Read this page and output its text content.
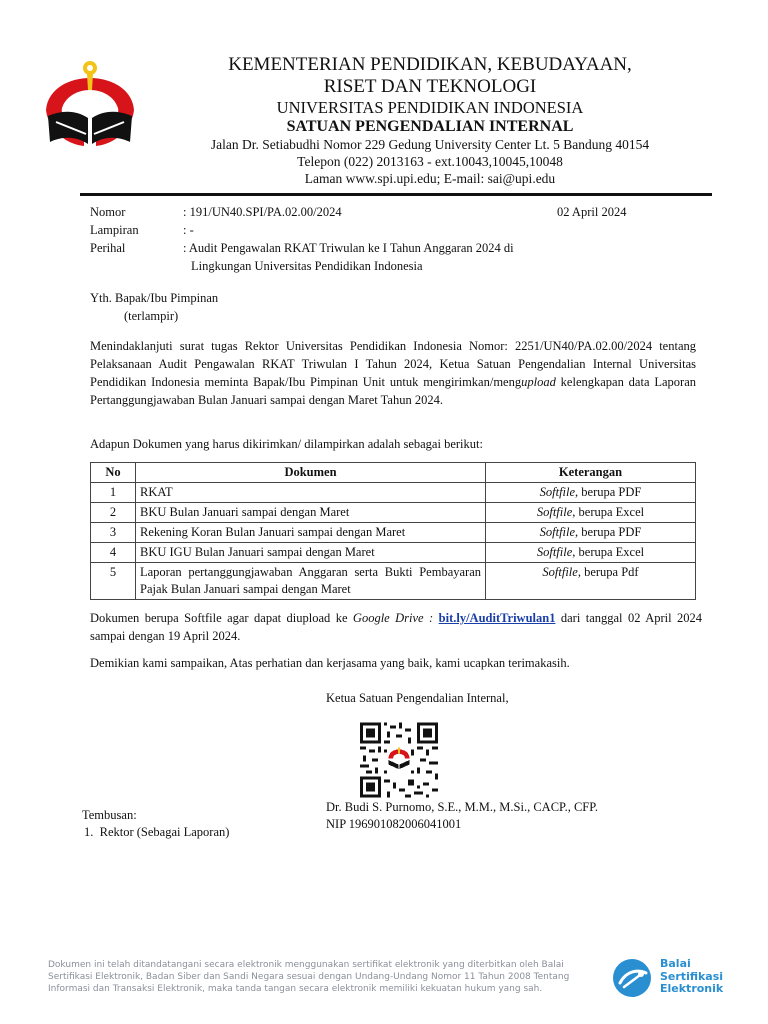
KEMENTERIAN PENDIDIKAN, KEBUDAYAAN,
RISET DAN TEKNOLOGI
UNIVERSITAS PENDIDIKAN INDONESIA
SATUAN PENGENDALIAN INTERNAL
Jalan Dr. Setiabudhi Nomor 229 Gedung University Center Lt. 5 Bandung 40154
Telepon (022) 2013163 - ext.10043,10045,10048
Laman www.spi.upi.edu; E-mail: sai@upi.edu
Nomor	: 191/UN40.SPI/PA.02.00/2024	02 April 2024
Lampiran	: -
Perihal	: Audit Pengawalan RKAT Triwulan ke I Tahun Anggaran 2024 di
Lingkungan Universitas Pendidikan Indonesia
Yth. Bapak/Ibu Pimpinan
(terlampir)
Menindaklanjuti surat tugas Rektor Universitas Pendidikan Indonesia Nomor: 2251/UN40/PA.02.00/2024 tentang Pelaksanaan Audit Pengawalan RKAT Triwulan I Tahun 2024, Ketua Satuan Pengendalian Internal Universitas Pendidikan Indonesia meminta Bapak/Ibu Pimpinan Unit untuk mengirimkan/mengupload kelengkapan data Laporan Pertanggungjawaban Bulan Januari sampai dengan Maret Tahun 2024.
Adapun Dokumen yang harus dikirimkan/ dilampirkan adalah sebagai berikut:
No	Dokumen	Keterangan
1	RKAT	Softfile, berupa PDF
2	BKU Bulan Januari sampai dengan Maret	Softfile, berupa Excel
3	Rekening Koran Bulan Januari sampai dengan Maret	Softfile, berupa PDF
4	BKU IGU Bulan Januari sampai dengan Maret	Softfile, berupa Excel
5	Laporan pertanggungjawaban Anggaran serta Bukti Pembayaran Pajak Bulan Januari sampai dengan Maret	Softfile, berupa Pdf
Dokumen berupa Softfile agar dapat diupload ke Google Drive : bit.ly/AuditTriwulan1 dari tanggal 02 April 2024 sampai dengan 19 April 2024.
Demikian kami sampaikan, Atas perhatian dan kerjasama yang baik, kami ucapkan terimakasih.
Ketua Satuan Pengendalian Internal,
Dr. Budi S. Purnomo, S.E., M.M., M.Si., CACP., CFP.
NIP 196901082006041001
Tembusan:
1.  Rektor (Sebagai Laporan)
Dokumen ini telah ditandatangani secara elektronik menggunakan sertifikat elektronik yang diterbitkan oleh Balai Sertifikasi Elektronik, Badan Siber dan Sandi Negara sesuai dengan Undang-Undang Nomor 11 Tahun 2008 Tentang Informasi dan Transaksi Elektronik, maka tanda tangan secara elektronik memiliki kekuatan hukum yang sah.
Balai
Sertifikasi
Elektronik
